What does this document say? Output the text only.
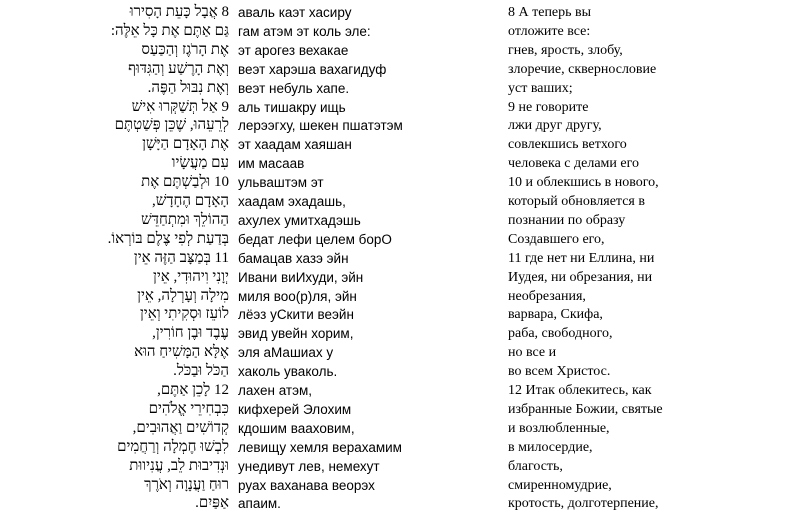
8 אֲבָל כָּעֵת הָסִירוּ аваль каэт хасиру	8 А теперь вы
גַּם אַתֶּם אֶת כָּל אֵלֶּה: гам атэм эт коль эле:	отложите все:
אֶת הָרֹגֶז וְהַכַּעַס эт арогез вехакае	гнев, ярость, злобу,
וְאֶת הָרֶשַׁע וְהַגִּדּוּף веэт харэша вахагидуф	злоречие, сквернословие
וְאֶת נִבּוּל הַפֶּה. веэт небуль хапе.	уст ваших;
9 אַל תְּשַׁקְּרוּ אִישׁ аль тишакру ищь	9 не говорите
לְרֵעֵהוּ, שֶׁכֵּן פְּשַׁטְתֶּם лерээгху, шекен пшатэтэм	лжи друг другу,
אֶת הָאָדָם הַיָּשָׁן эт хаадам хаяшан	совлекшись ветхого
עִם מַעֲשָׂיו им масаав	человека с делами его
10 וּלְבַשְׁתֶּם אֶת ульваштэм эт	10 и облекшись в нового,
הָאָדָם הֶחָדָשׁ, хаадам эхадашь,	который обновляется в
הַהוֹלֵךְ וּמִתְחַדֵּשׁ ахулех умитхадэшь	познании по образу
בְּדַעַת לְפִי צֶלֶם בּוֹרְאוֹ. бедат лефи целем борО	Создавшего его,
11 בְּמַצָּב הַזֶּה אֵין бамацав хазэ эйн	11 где нет ни Еллина, ни
יְוָנִי וִיהוּדִי, אֵין Ивани виИхуди, эйн	Иудея, ни обрезания, ни
מִילָה וְעָרְלָה, אֵין миля воо(р)ля, эйн	необрезания,
לוֹעֵז וּסְקִיתִי וְאֵין лёэз уСкити веэйн	варвара, Скифа,
עֶבֶד וּבֶן חוֹרִין, эвид увейн хорим,	раба, свободного,
אֶלָּא הַמָּשִׁיחַ הוּא эля аМашиах у	но все и
הַכֹּל וּבַכֹּל. хаколь уваколь.	во всем Христос.
12 לָכֵן אַתֶּם, лахен атэм,	12 Итак облекитесь, как
כִּבְחִירֵי אֱלֹהִים кифхерей Элохим	избранные Божии, святые
קְדוֹשִׁים וַאֲהוּבִים, кдошим вааховим,	и возлюбленные,
לִבְשׁוּ חֶמְלָה וְרַחֲמִים левищу хемля верахамим	в милосердие,
וּנְדִיבוּת לֵב, עֲנִיווּת унедивут лев, немехут	благость,
רוּחַ וַעֲנָוָה וְאֹרֶךְ руах ваханава веорэх	смиренномудрие,
אַפַּיִם. апаим.	кротость, долготерпение,
